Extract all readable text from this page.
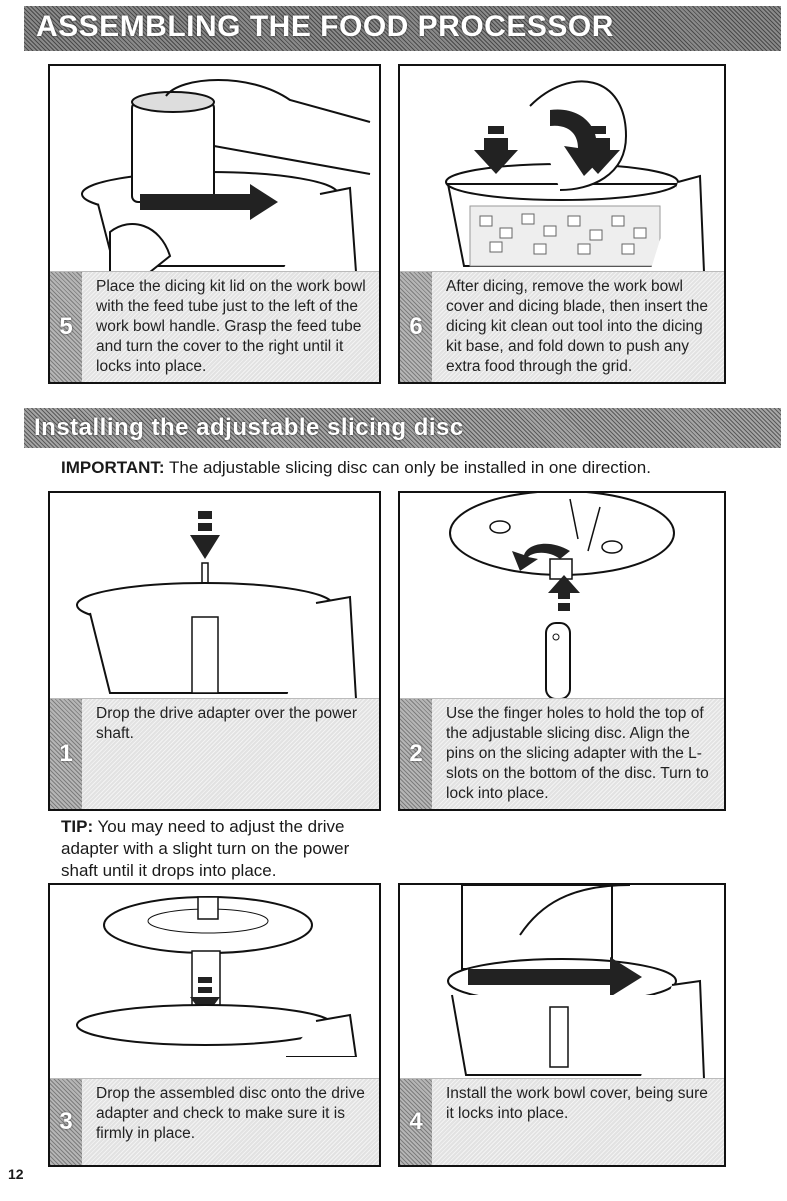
ASSEMBLING THE FOOD PROCESSOR
5
Place the dicing kit lid on the work bowl with the feed tube just to the left of the work bowl handle. Grasp the feed tube and turn the cover to the right until it locks into place.
6
After dicing, remove the work bowl cover and dicing blade, then insert the dicing kit clean out tool into the dicing kit base, and fold down to push any extra food through the grid.
Installing the adjustable slicing disc
IMPORTANT: The adjustable slicing disc can only be installed in one direction.
1
Drop the drive adapter over the power shaft.
2
Use the finger holes to hold the top of the adjustable slicing disc. Align the pins on the slicing adapter with the L-slots on the bottom of the disc. Turn to lock into place.
TIP: You may need to adjust the drive adapter with a slight turn on the power shaft until it drops into place.
3
Drop the assembled disc onto the drive adapter and check to make sure it is firmly in place.	4
Install the work bowl cover, being sure it locks into place.
12
